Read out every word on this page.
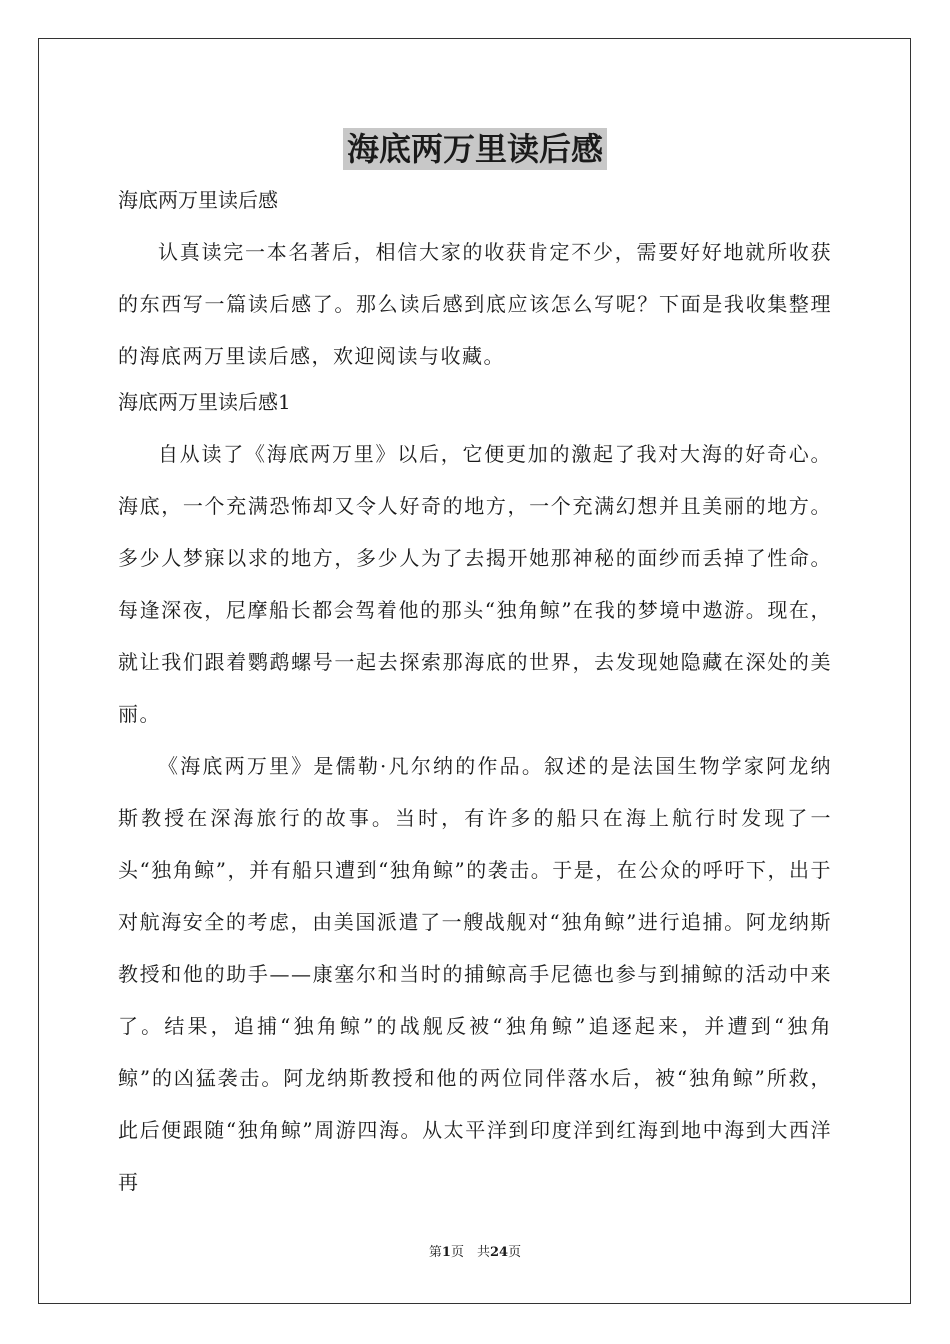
海底两万里读后感

海底两万里读后感

认真读完一本名著后，相信大家的收获肯定不少，需要好好地就所收获的东西写一篇读后感了。那么读后感到底应该怎么写呢？下面是我收集整理的海底两万里读后感，欢迎阅读与收藏。

海底两万里读后感1

自从读了《海底两万里》以后，它便更加的激起了我对大海的好奇心。海底，一个充满恐怖却又令人好奇的地方，一个充满幻想并且美丽的地方。多少人梦寐以求的地方，多少人为了去揭开她那神秘的面纱而丢掉了性命。每逢深夜，尼摩船长都会驾着他的那头“独角鲸”在我的梦境中遨游。现在，就让我们跟着鹦鹉螺号一起去探索那海底的世界，去发现她隐藏在深处的美丽。

《海底两万里》是儒勒·凡尔纳的作品。叙述的是法国生物学家阿龙纳斯教授在深海旅行的故事。当时，有许多的船只在海上航行时发现了一头“独角鲸”，并有船只遭到“独角鲸”的袭击。于是，在公众的呼吁下，出于对航海安全的考虑，由美国派遣了一艘战舰对“独角鲸”进行追捕。阿龙纳斯教授和他的助手——康塞尔和当时的捕鲸高手尼德也参与到捕鲸的活动中来了。结果，追捕“独角鲸”的战舰反被“独角鲸”追逐起来，并遭到“独角鲸”的凶猛袭击。阿龙纳斯教授和他的两位同伴落水后，被“独角鲸”所救，此后便跟随“独角鲸”周游四海。从太平洋到印度洋到红海到地中海到大西洋再

第1页　共24页
